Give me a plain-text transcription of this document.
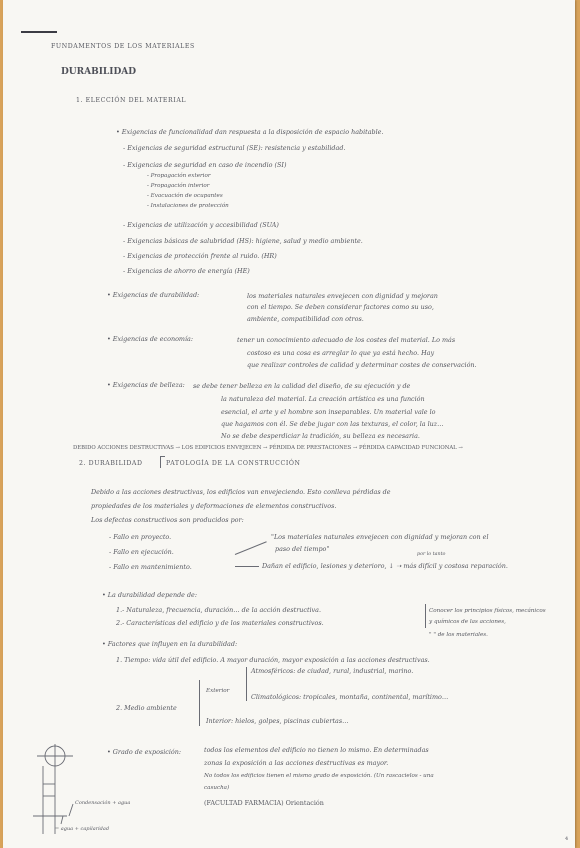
FUNDAMENTOS DE LOS MATERIALES
DURABILIDAD
1. ELECCIÓN DEL MATERIAL
• Exigencias de funcionalidad dan respuesta a la disposición de espacio habitable.
- Exigencias de seguridad estructural (SE): resistencia y estabilidad.
- Exigencias de seguridad en caso de incendio (SI)
- Propagación exterior
- Propagación interior
- Evacuación de ocupantes
- Instalaciones de protección
- Exigencias de utilización y accesibilidad (SUA)
- Exigencias básicas de salubridad (HS): higiene, salud y medio ambiente.
- Exigencias de protección frente al ruido. (HR)
- Exigencias de ahorro de energía (HE)
• Exigencias de durabilidad:	los materiales naturales envejecen con dignidad y mejoran
con el tiempo. Se deben considerar factores como su uso,
ambiente, compatibilidad con otros.
• Exigencias de economía:	tener un conocimiento adecuado de los costes del material. Lo más
costoso es una cosa es arreglar lo que ya está hecho. Hay
que realizar controles de calidad y determinar costes de conservación.
• Exigencias de belleza: se debe tener belleza en la calidad del diseño, de su ejecución y de
la naturaleza del material. La creación artística es una función
esencial, el arte y el hombre son inseparables. Un material vale lo
que hagamos con él. Se debe jugar con las texturas, el color, la luz…
No se debe desperdiciar la tradición, su belleza es necesaria.
DEBIDO ACCIONES DESTRUCTIVAS → LOS EDIFICIOS ENVEJECEN → PÉRDIDA DE PRESTACIONES → PÉRDIDA CAPACIDAD FUNCIONAL →
2. DURABILIDAD	PATOLOGÍA DE LA CONSTRUCCIÓN
Debido a las acciones destructivas, los edificios van envejeciendo. Esto conlleva pérdidas de
propiedades de los materiales y deformaciones de elementos constructivos.
Los defectos constructivos son producidos por:
- Fallo en proyecto.
- Fallo en ejecución.
- Fallo en mantenimiento.
"Los materiales naturales envejecen con dignidad y mejoran con el
paso del tiempo"
por lo tanto
Dañan el edificio, lesiones y deterioro, ↓ ➝ más difícil y costosa reparación.
• La durabilidad depende de:
1.- Naturaleza, frecuencia, duración… de la acción destructiva.
2.- Características del edificio y de los materiales constructivos.
Conocer los principios físicos, mecánicos
y químicos de las acciones,
" " de los materiales.
• Factores que influyen en la durabilidad:
1. Tiempo: vida útil del edificio. A mayor duración, mayor exposición a las acciones destructivas.
2. Medio ambiente
Exterior
Atmosféricos: de ciudad, rural, industrial, marino.
Climatológicos: tropicales, montaña, continental, marítimo…
Interior: hielos, golpes, piscinas cubiertas…
• Grado de exposición:	todos los elementos del edificio no tienen lo mismo. En determinadas
zonas la exposición a las acciones destructivas es mayor.
No todos los edificios tienen el mismo grado de exposición. (Un rascacielos - una
casucha)
(FACULTAD FARMACIA) Orientación
Condensación + agua
= agua + capilaridad
4
